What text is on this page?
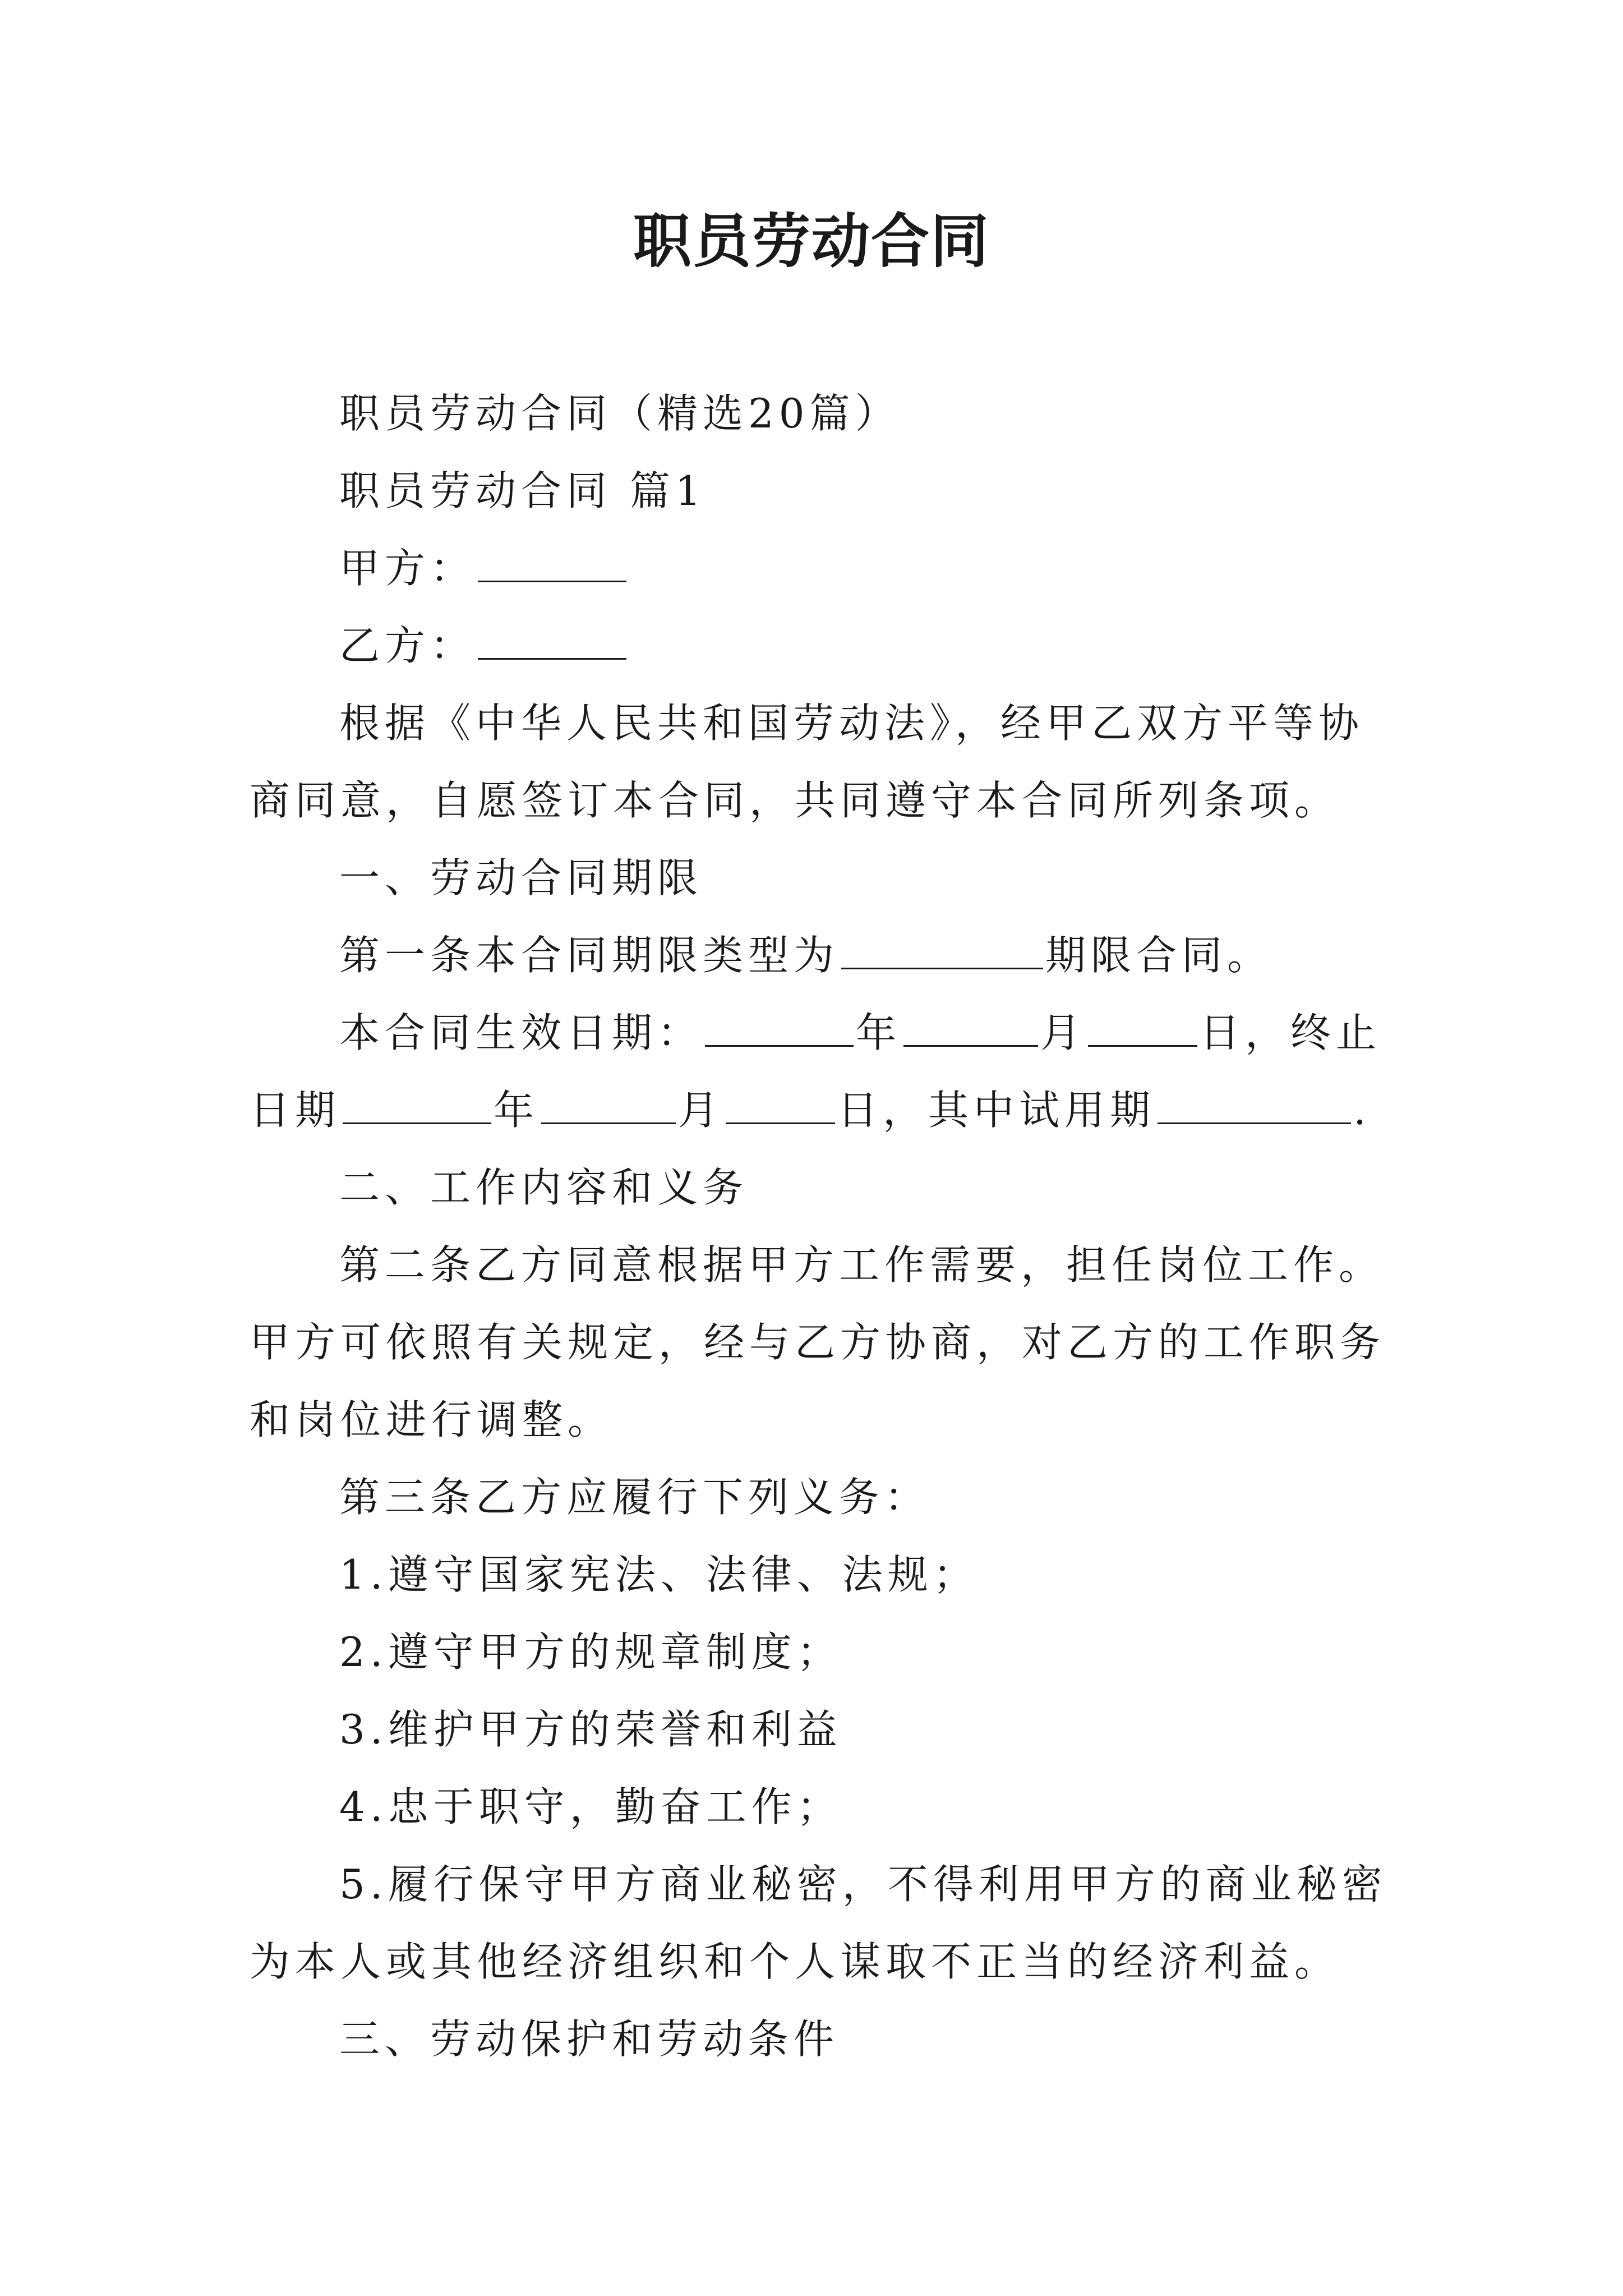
职员劳动合同

职员劳动合同（精选20篇）

职员劳动合同 篇1

甲方：

乙方：

根据《中华人民共和国劳动法》，经甲乙双方平等协商同意，自愿签订本合同，共同遵守本合同所列条项。

一、劳动合同期限

第一条本合同期限类型为	期限合同。

本合同生效日期：	年	月	日，终止日期	年	月	日，其中试用期	.

二、工作内容和义务

第二条乙方同意根据甲方工作需要，担任岗位工作。甲方可依照有关规定，经与乙方协商，对乙方的工作职务和岗位进行调整。

第三条乙方应履行下列义务：

1.遵守国家宪法、法律、法规；

2.遵守甲方的规章制度；

3.维护甲方的荣誉和利益

4.忠于职守，勤奋工作；

5.履行保守甲方商业秘密，不得利用甲方的商业秘密为本人或其他经济组织和个人谋取不正当的经济利益。

三、劳动保护和劳动条件
